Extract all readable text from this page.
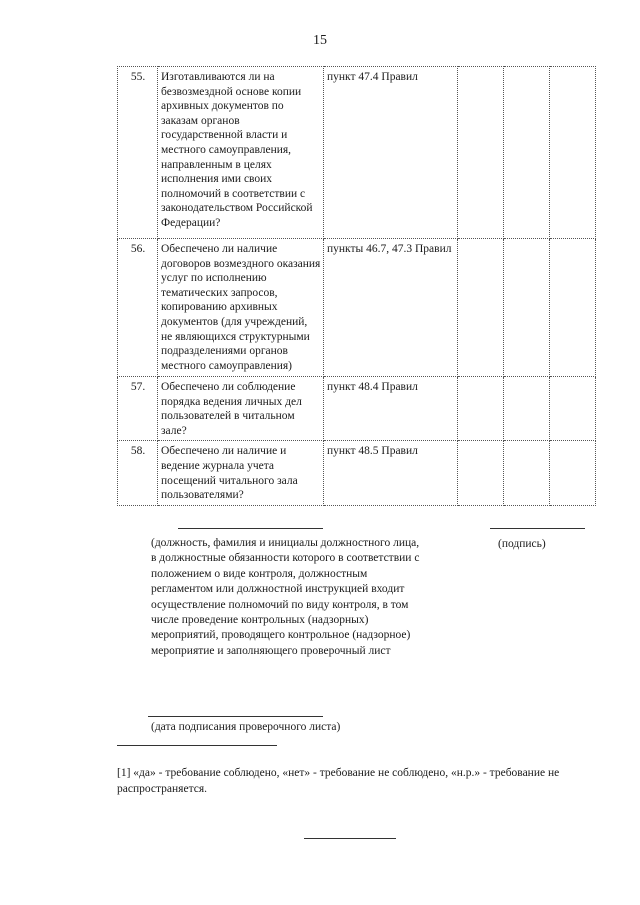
15
55.	Изготавливаются ли на безвозмездной основе копии архивных документов по заказам органов государственной власти и местного самоуправления, направленным в целях исполнения ими своих полномочий в соответствии с законодательством Российской Федерации?	пункт 47.4 Правил			
56.	Обеспечено ли наличие договоров возмездного оказания услуг по исполнению тематических запросов, копированию архивных документов (для учреждений, не являющихся структурными подразделениями органов местного самоуправления)	пункты 46.7, 47.3 Правил			
57.	Обеспечено ли соблюдение порядка ведения личных дел пользователей в читальном зале?	пункт 48.4 Правил			
58.	Обеспечено ли наличие и ведение журнала учета посещений читального зала пользователями?	пункт 48.5 Правил			
(должность, фамилия и инициалы должностного лица, в должностные обязанности которого в соответствии с положением о виде контроля, должностным регламентом или должностной инструкцией входит осуществление полномочий по виду контроля, в том числе проведение контрольных (надзорных) мероприятий, проводящего контрольное (надзорное) мероприятие и заполняющего проверочный лист
(подпись)
(дата подписания проверочного листа)
[1] «да» - требование соблюдено, «нет» - требование не соблюдено, «н.р.» - требование не распространяется.
